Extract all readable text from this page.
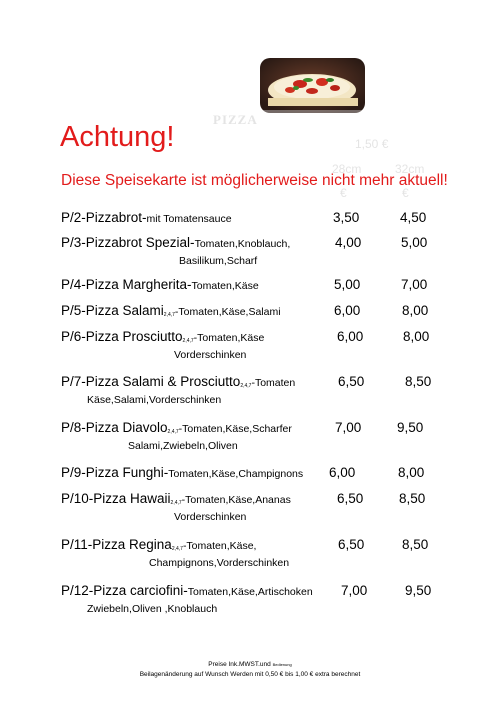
PIZZA
1,50 €
28cm	32cm
€	€
Achtung!
Diese Speisekarte ist möglicherweise nicht mehr aktuell!
P/2-Pizzabrot-mit Tomatensauce	3,50	4,50
P/3-Pizzabrot Spezial-Tomaten,Knoblauch,
Basilikum,Scharf
4,00	5,00
P/4-Pizza Margherita-Tomaten,Käse	5,00	7,00
P/5-Pizza Salami$^{2,4,7}$-Tomaten,Käse,Salami	6,00	8,00
P/6-Pizza Prosciutto$^{2,4,7}$-Tomaten,Käse
Vorderschinken
6,00	8,00
P/7-Pizza Salami & Prosciutto$^{2,4,7}$-Tomaten
Käse,Salami,Vorderschinken
6,50	8,50
P/8-Pizza Diavolo$^{2,4,7}$-Tomaten,Käse,Scharfer
Salami,Zwiebeln,Oliven
7,00	9,50
P/9-Pizza Funghi-Tomaten,Käse,Champignons	6,00	8,00
P/10-Pizza Hawaii$^{2,4,7}$-Tomaten,Käse,Ananas
Vorderschinken
6,50	8,50
P/11-Pizza Regina$^{2,4,7}$-Tomaten,Käse,
Champignons,Vorderschinken
6,50	8,50
P/12-Pizza carciofini-Tomaten,Käse,Artischoken
Zwiebeln,Oliven ,Knoblauch
7,00	9,50
Preise Ink.MWST.und Bedienung
Beilagenänderung auf Wunsch Werden mit 0,50 € bis 1,00 € extra berechnet
